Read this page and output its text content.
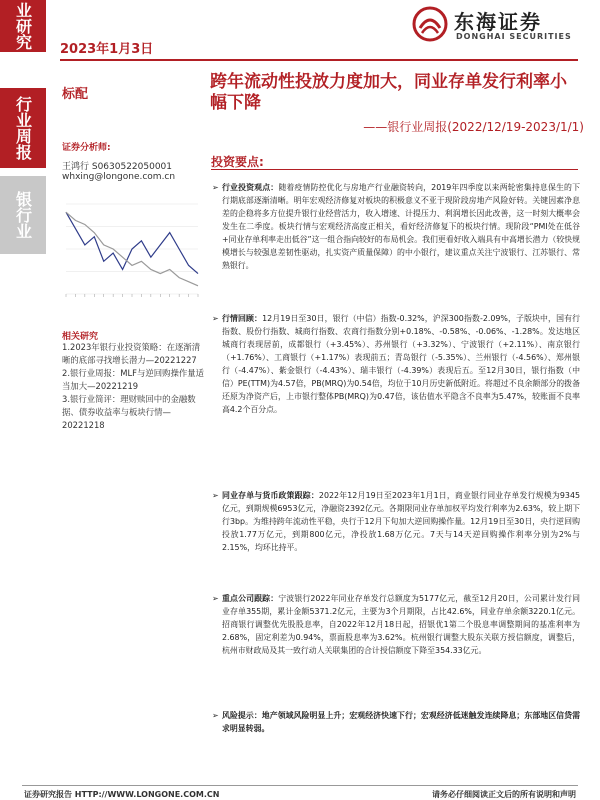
业研究
行业周报
银行业
2023年1月3日
东海证券
DONGHAI SECURITIES
标配
跨年流动性投放力度加大，同业存单发行利率小幅下降
——银行业周报(2022/12/19-2023/1/1)
证券分析师:
王鸿行 S0630522050001
whxing@longone.com.cn
相关研究
1.2023年银行业投资策略：在逐渐清晰的底部寻找增长潜力—20221227
2.银行业周报：MLF与逆回购操作量适当加大—20221219
3.银行业简评：理财赎回中的金融数据、债券收益率与板块行情—20221218
投资要点:
➢ 行业投资观点：随着疫情防控优化与房地产行业融资转向，2019年四季度以来两轮密集持息保生的下行期底部逐渐清晰。明年宏观经济修复对板块的积极意义不亚于现阶段房地产风险好转。关键因素净息差的企稳将多方位提升银行业经营活力，收入增速、计提压力、利润增长因此改善，这一时刻大概率会发生在二季度。板块行情与宏观经济高度正相关，看好经济修复下的板块行情。现阶段“PMI处在低谷+同业存单利率走出低谷”这一组合指向较好的布局机会。我们更看好收入端具有中高增长潜力（较快规模增长与较强息差韧性驱动，扎实资产质量保障）的中小银行，建议重点关注宁波银行、江苏银行、常熟银行。
➢ 行情回顾：12月19日至30日，银行（中信）指数-0.32%，沪深300指数-2.09%，子版块中，国有行指数、股份行指数、城商行指数、农商行指数分别+0.18%、-0.58%、-0.06%、-1.28%。发达地区城商行表现居前，成都银行（+3.45%）、苏州银行（+3.32%）、宁波银行（+2.11%）、南京银行（+1.76%）、工商银行（+1.17%）表现前五；青岛银行（-5.35%）、兰州银行（-4.56%）、郑州银行（-4.47%）、紫金银行（-4.43%）、瑞丰银行（-4.39%）表现后五。至12月30日，银行指数（中信）PE(TTM)为4.57倍，PB(MRQ)为0.54倍，均位于10月历史新低附近。将超过不良余额部分的拨备还原为净资产后，上市银行整体PB(MRQ)为0.47倍，该估值水平隐含不良率为5.47%，较账面不良率高4.2个百分点。
➢ 同业存单与货币政策跟踪：2022年12月19日至2023年1月1日，商业银行同业存单发行规模为9345亿元，到期规模6953亿元，净融资2392亿元。各期限同业存单加权平均发行利率为2.63%，较上期下行3bp。为维持跨年流动性平稳，央行于12月下旬加大逆回购操作量。12月19日至30日，央行逆回购投放1.77万亿元，到期800亿元，净投放1.68万亿元。7天与14天逆回购操作利率分别为2%与2.15%，均环比持平。
➢ 重点公司跟踪：宁波银行2022年同业存单发行总额度为5177亿元，截至12月20日，公司累计发行同业存单355期，累计金额5371.2亿元，主要为3个月期限，占比42.6%，同业存单余额3220.1亿元。招商银行调整优先股股息率，自2022年12月18日起，招银优1第二个股息率调整期间的基准利率为2.68%，固定利差为0.94%，票面股息率为3.62%。杭州银行调整大股东关联方授信额度，调整后，杭州市财政局及其一致行动人关联集团的合计授信额度下降至354.33亿元。
➢ 风险提示：地产领域风险明显上升；宏观经济快速下行；宏观经济低迷触发连续降息；东部地区信贷需求明显转弱。
证券研究报告 HTTP://WWW.LONGONE.COM.CN	请务必仔细阅读正文后的所有说明和声明
